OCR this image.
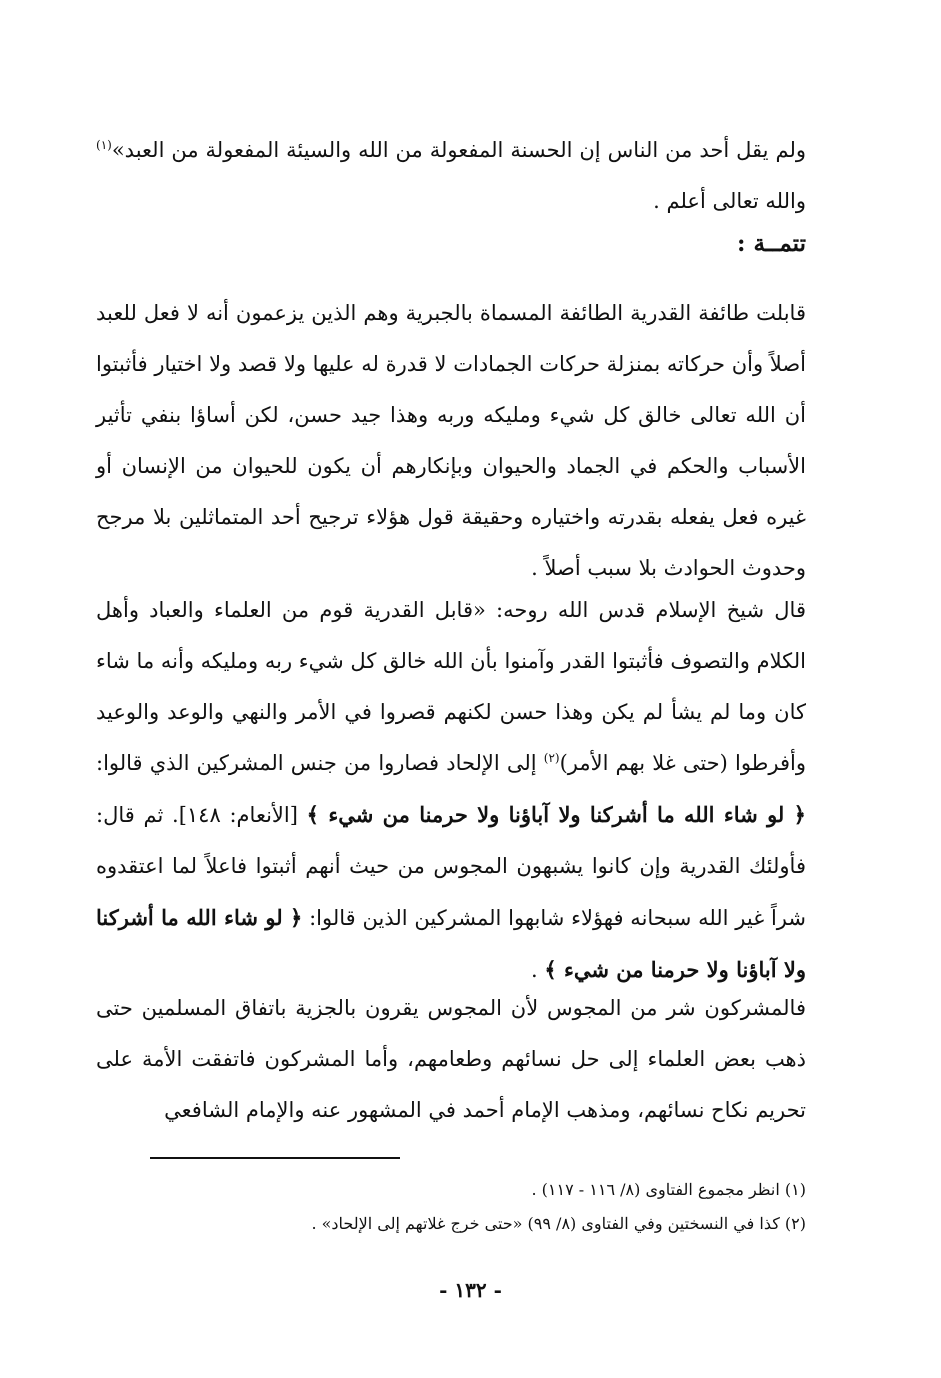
ولم يقل أحد من الناس إن الحسنة المفعولة من الله والسيئة المفعولة من العبد»$^{(١)}$ والله تعالى أعلم .
تتمــة :
قابلت طائفة القدرية الطائفة المسماة بالجبرية وهم الذين يزعمون أنه لا فعل للعبد أصلاً وأن حركاته بمنزلة حركات الجمادات لا قدرة له عليها ولا قصد ولا اختيار فأثبتوا أن الله تعالى خالق كل شيء ومليكه وربه وهذا جيد حسن، لكن أساؤا بنفي تأثير الأسباب والحكم في الجماد والحيوان وبإنكارهم أن يكون للحيوان من الإنسان أو غيره فعل يفعله بقدرته واختياره وحقيقة قول هؤلاء ترجيح أحد المتماثلين بلا مرجح وحدوث الحوادث بلا سبب أصلاً .
قال شيخ الإسلام قدس الله روحه: «قابل القدرية قوم من العلماء والعباد وأهل الكلام والتصوف فأثبتوا القدر وآمنوا بأن الله خالق كل شيء ربه ومليكه وأنه ما شاء كان وما لم يشأ لم يكن وهذا حسن لكنهم قصروا في الأمر والنهي والوعد والوعيد وأفرطوا (حتى غلا بهم الأمر)$^{(٢)}$ إلى الإلحاد فصاروا من جنس المشركين الذي قالوا: ﴿ لو شاء الله ما أشركنا ولا آباؤنا ولا حرمنا من شيء ﴾ [الأنعام: ١٤٨]. ثم قال: فأولئك القدرية وإن كانوا يشبهون المجوس من حيث أنهم أثبتوا فاعلاً لما اعتقدوه شراً غير الله سبحانه فهؤلاء شابهوا المشركين الذين قالوا: ﴿ لو شاء الله ما أشركنا ولا آباؤنا ولا حرمنا من شيء ﴾ .
فالمشركون شر من المجوس لأن المجوس يقرون بالجزية باتفاق المسلمين حتى ذهب بعض العلماء إلى حل نسائهم وطعامهم، وأما المشركون فاتفقت الأمة على تحريم نكاح نسائهم، ومذهب الإمام أحمد في المشهور عنه والإمام الشافعي
(١) انظر مجموع الفتاوى (٨/ ١١٦ - ١١٧) .
(٢) كذا في النسختين وفي الفتاوى (٨/ ٩٩) «حتى خرج غلاتهم إلى الإلحاد» .
- ١٣٢ -
